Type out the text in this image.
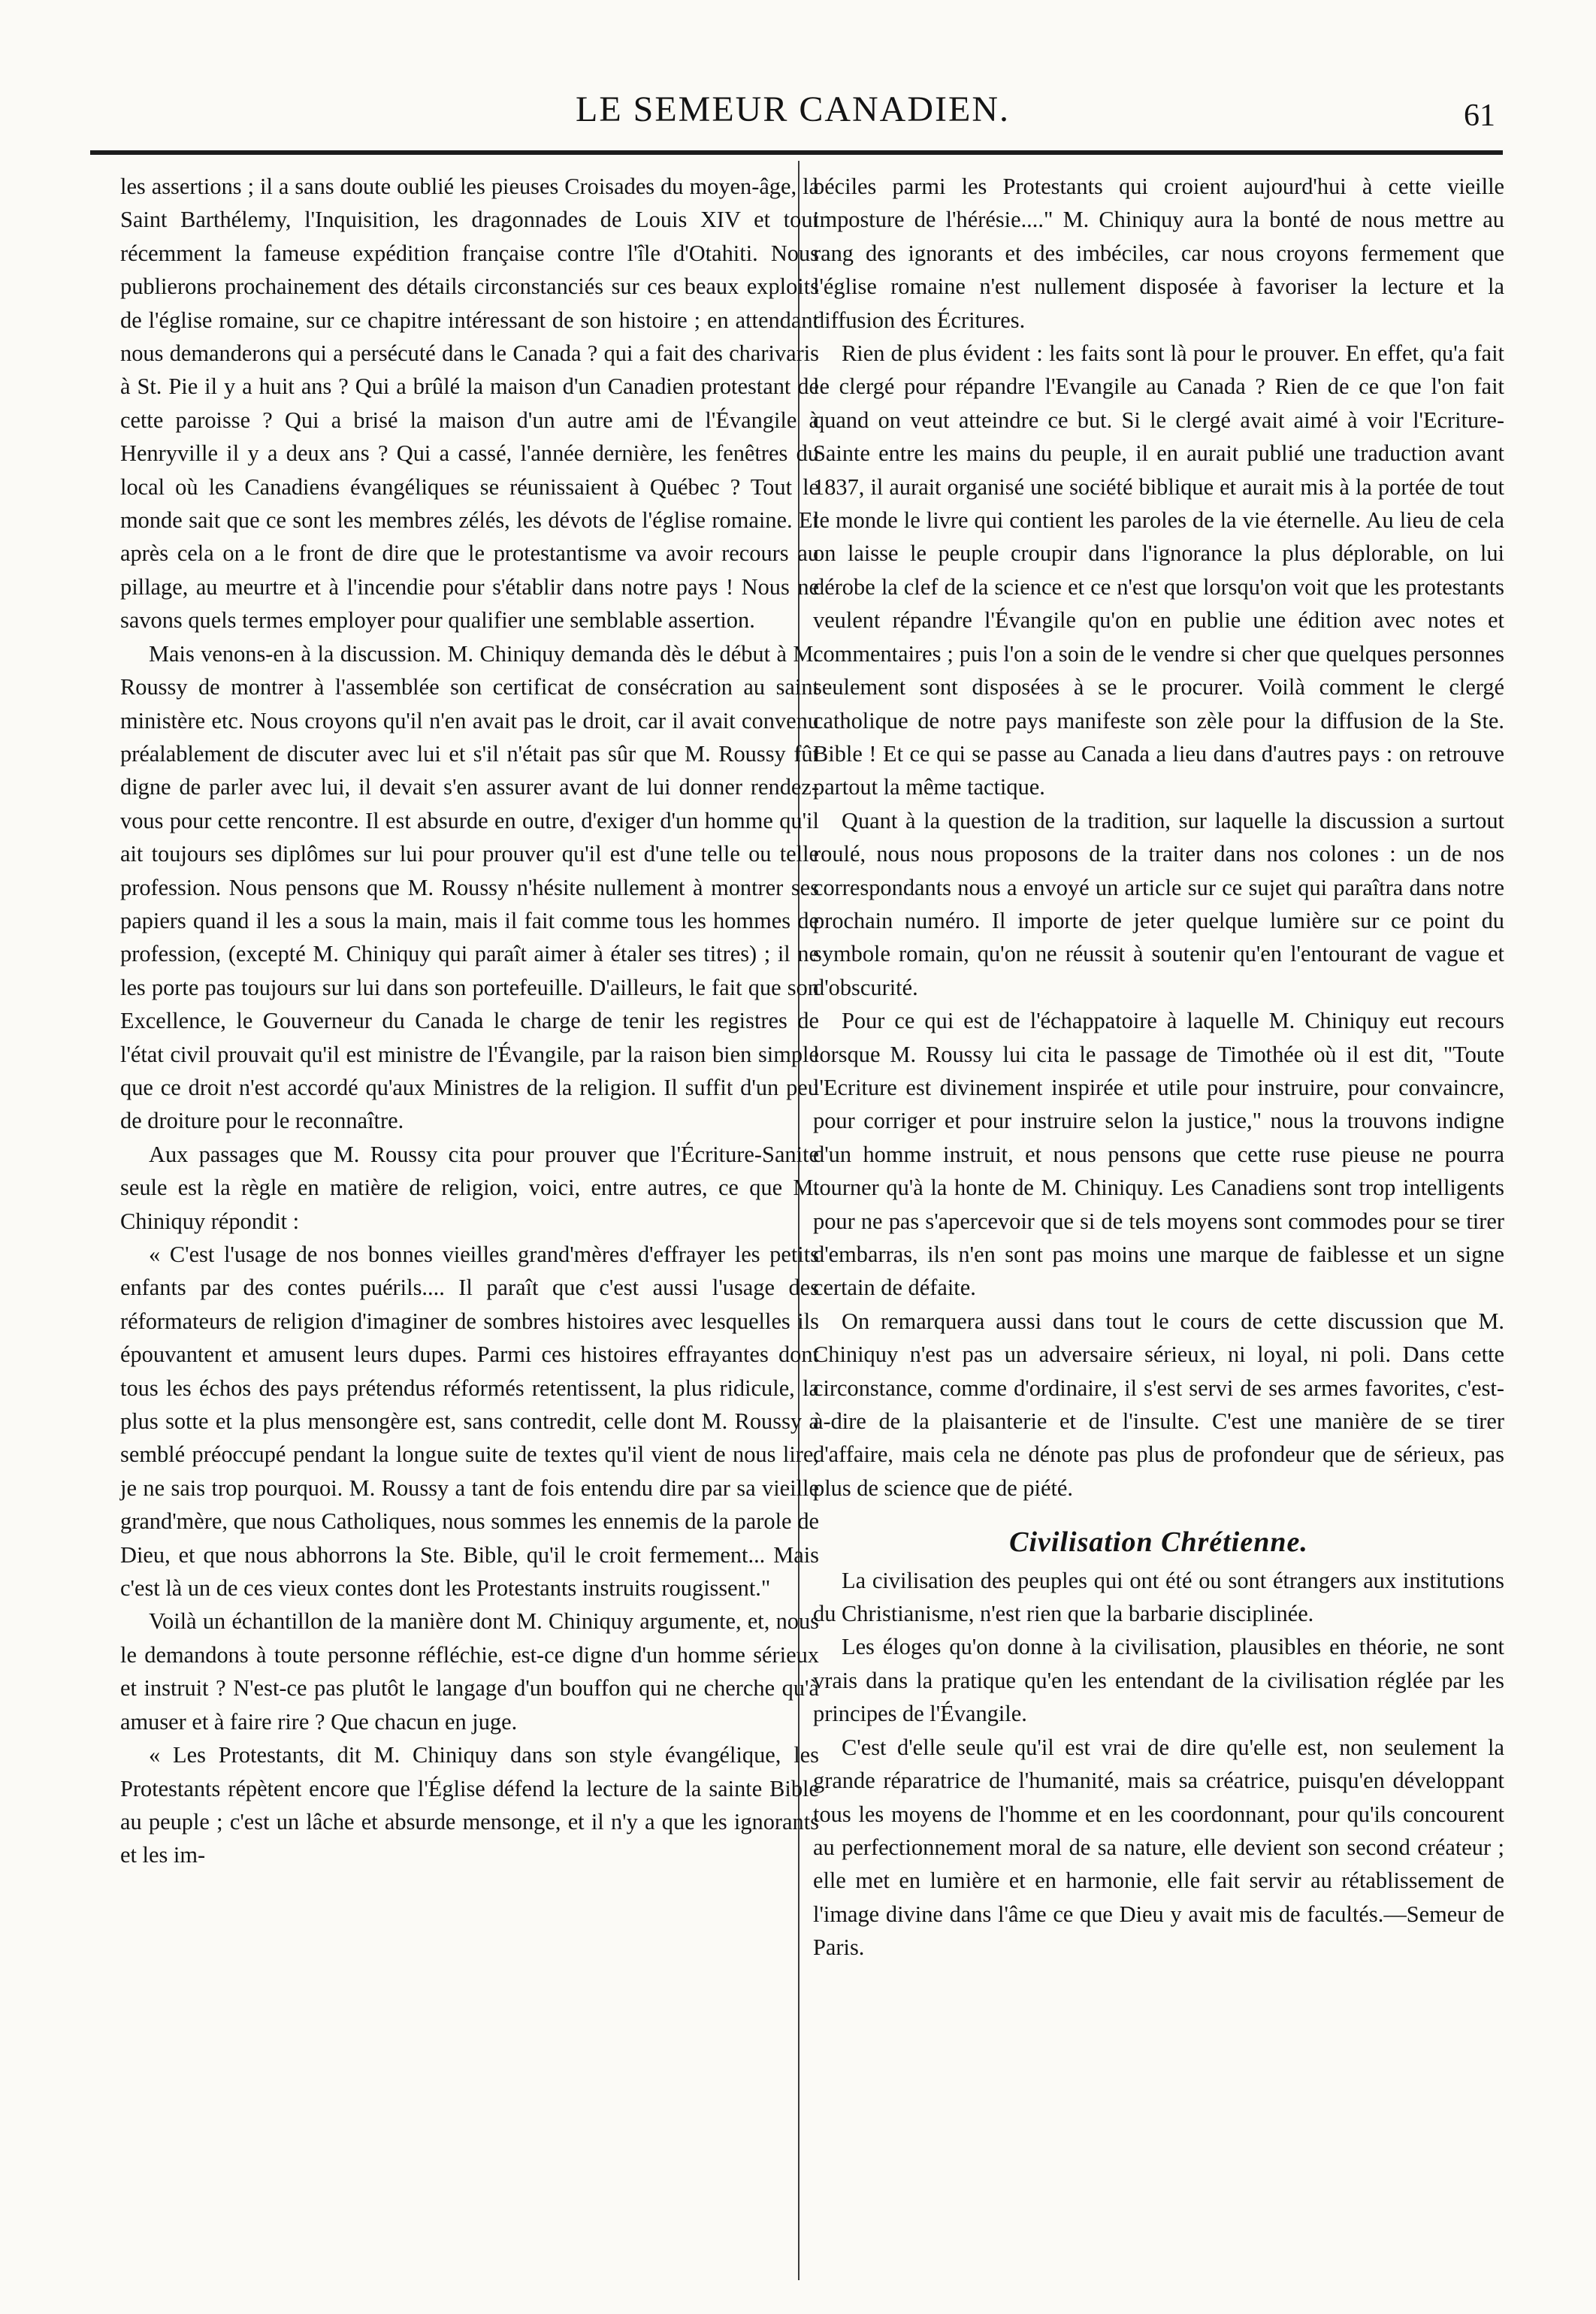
LE SEMEUR CANADIEN.	61

les assertions ; il a sans doute oublié les pieuses Croisades du moyen-âge, la Saint Barthélemy, l'Inquisition, les dragonnades de Louis XIV et tout récemment la fameuse expédition française contre l'île d'Otahiti. Nous publierons prochainement des détails circonstanciés sur ces beaux exploits de l'église romaine, sur ce chapitre intéressant de son histoire ; en attendant nous demanderons qui a persécuté dans le Canada ? qui a fait des charivaris à St. Pie il y a huit ans ? Qui a brûlé la maison d'un Canadien protestant de cette paroisse ? Qui a brisé la maison d'un autre ami de l'Évangile à Henryville il y a deux ans ? Qui a cassé, l'année dernière, les fenêtres du local où les Canadiens évangéliques se réunissaient à Québec ? Tout le monde sait que ce sont les membres zélés, les dévots de l'église romaine. Et après cela on a le front de dire que le protestantisme va avoir recours au pillage, au meurtre et à l'incendie pour s'établir dans notre pays ! Nous ne savons quels termes employer pour qualifier une semblable assertion.

Mais venons-en à la discussion. M. Chiniquy demanda dès le début à M. Roussy de montrer à l'assemblée son certificat de consécration au saint ministère etc. Nous croyons qu'il n'en avait pas le droit, car il avait convenu préalablement de discuter avec lui et s'il n'était pas sûr que M. Roussy fût digne de parler avec lui, il devait s'en assurer avant de lui donner rendez-vous pour cette rencontre. Il est absurde en outre, d'exiger d'un homme qu'il ait toujours ses diplômes sur lui pour prouver qu'il est d'une telle ou telle profession. Nous pensons que M. Roussy n'hésite nullement à montrer ses papiers quand il les a sous la main, mais il fait comme tous les hommes de profession, (excepté M. Chiniquy qui paraît aimer à étaler ses titres) ; il ne les porte pas toujours sur lui dans son portefeuille. D'ailleurs, le fait que son Excellence, le Gouverneur du Canada le charge de tenir les registres de l'état civil prouvait qu'il est ministre de l'Évangile, par la raison bien simple que ce droit n'est accordé qu'aux Ministres de la religion. Il suffit d'un peu de droiture pour le reconnaître.

Aux passages que M. Roussy cita pour prouver que l'Écriture-Sanite seule est la règle en matière de religion, voici, entre autres, ce que M. Chiniquy répondit :

« C'est l'usage de nos bonnes vieilles grand'mères d'effrayer les petits enfants par des contes puérils.... Il paraît que c'est aussi l'usage des réformateurs de religion d'imaginer de sombres histoires avec lesquelles ils épouvantent et amusent leurs dupes. Parmi ces histoires effrayantes dont tous les échos des pays prétendus réformés retentissent, la plus ridicule, la plus sotte et la plus mensongère est, sans contredit, celle dont M. Roussy a semblé préoccupé pendant la longue suite de textes qu'il vient de nous lire, je ne sais trop pourquoi. M. Roussy a tant de fois entendu dire par sa vieille grand'mère, que nous Catholiques, nous sommes les ennemis de la parole de Dieu, et que nous abhorrons la Ste. Bible, qu'il le croit fermement... Mais c'est là un de ces vieux contes dont les Protestants instruits rougissent."

Voilà un échantillon de la manière dont M. Chiniquy argumente, et, nous le demandons à toute personne réfléchie, est-ce digne d'un homme sérieux et instruit ? N'est-ce pas plutôt le langage d'un bouffon qui ne cherche qu'à amuser et à faire rire ? Que chacun en juge.

« Les Protestants, dit M. Chiniquy dans son style évangélique, les Protestants répètent encore que l'Église défend la lecture de la sainte Bible au peuple ; c'est un lâche et absurde mensonge, et il n'y a que les ignorants et les im-

béciles parmi les Protestants qui croient aujourd'hui à cette vieille imposture de l'hérésie...." M. Chiniquy aura la bonté de nous mettre au rang des ignorants et des imbéciles, car nous croyons fermement que l'église romaine n'est nullement disposée à favoriser la lecture et la diffusion des Écritures.

Rien de plus évident : les faits sont là pour le prouver. En effet, qu'a fait le clergé pour répandre l'Evangile au Canada ? Rien de ce que l'on fait quand on veut atteindre ce but. Si le clergé avait aimé à voir l'Ecriture-Sainte entre les mains du peuple, il en aurait publié une traduction avant 1837, il aurait organisé une société biblique et aurait mis à la portée de tout le monde le livre qui contient les paroles de la vie éternelle. Au lieu de cela on laisse le peuple croupir dans l'ignorance la plus déplorable, on lui dérobe la clef de la science et ce n'est que lorsqu'on voit que les protestants veulent répandre l'Évangile qu'on en publie une édition avec notes et commentaires ; puis l'on a soin de le vendre si cher que quelques personnes seulement sont disposées à se le procurer. Voilà comment le clergé catholique de notre pays manifeste son zèle pour la diffusion de la Ste. Bible ! Et ce qui se passe au Canada a lieu dans d'autres pays : on retrouve partout la même tactique.

Quant à la question de la tradition, sur laquelle la discussion a surtout roulé, nous nous proposons de la traiter dans nos colones : un de nos correspondants nous a envoyé un article sur ce sujet qui paraîtra dans notre prochain numéro. Il importe de jeter quelque lumière sur ce point du symbole romain, qu'on ne réussit à soutenir qu'en l'entourant de vague et d'obscurité.

Pour ce qui est de l'échappatoire à laquelle M. Chiniquy eut recours lorsque M. Roussy lui cita le passage de Timothée où il est dit, "Toute l'Ecriture est divinement inspirée et utile pour instruire, pour convaincre, pour corriger et pour instruire selon la justice," nous la trouvons indigne d'un homme instruit, et nous pensons que cette ruse pieuse ne pourra tourner qu'à la honte de M. Chiniquy. Les Canadiens sont trop intelligents pour ne pas s'apercevoir que si de tels moyens sont commodes pour se tirer d'embarras, ils n'en sont pas moins une marque de faiblesse et un signe certain de défaite.

On remarquera aussi dans tout le cours de cette discussion que M. Chiniquy n'est pas un adversaire sérieux, ni loyal, ni poli. Dans cette circonstance, comme d'ordinaire, il s'est servi de ses armes favorites, c'est-à-dire de la plaisanterie et de l'insulte. C'est une manière de se tirer d'affaire, mais cela ne dénote pas plus de profondeur que de sérieux, pas plus de science que de piété.

Civilisation Chrétienne.

La civilisation des peuples qui ont été ou sont étrangers aux institutions du Christianisme, n'est rien que la barbarie disciplinée.

Les éloges qu'on donne à la civilisation, plausibles en théorie, ne sont vrais dans la pratique qu'en les entendant de la civilisation réglée par les principes de l'Évangile.

C'est d'elle seule qu'il est vrai de dire qu'elle est, non seulement la grande réparatrice de l'humanité, mais sa créatrice, puisqu'en développant tous les moyens de l'homme et en les coordonnant, pour qu'ils concourent au perfectionnement moral de sa nature, elle devient son second créateur ; elle met en lumière et en harmonie, elle fait servir au rétablissement de l'image divine dans l'âme ce que Dieu y avait mis de facultés.—Semeur de Paris.
